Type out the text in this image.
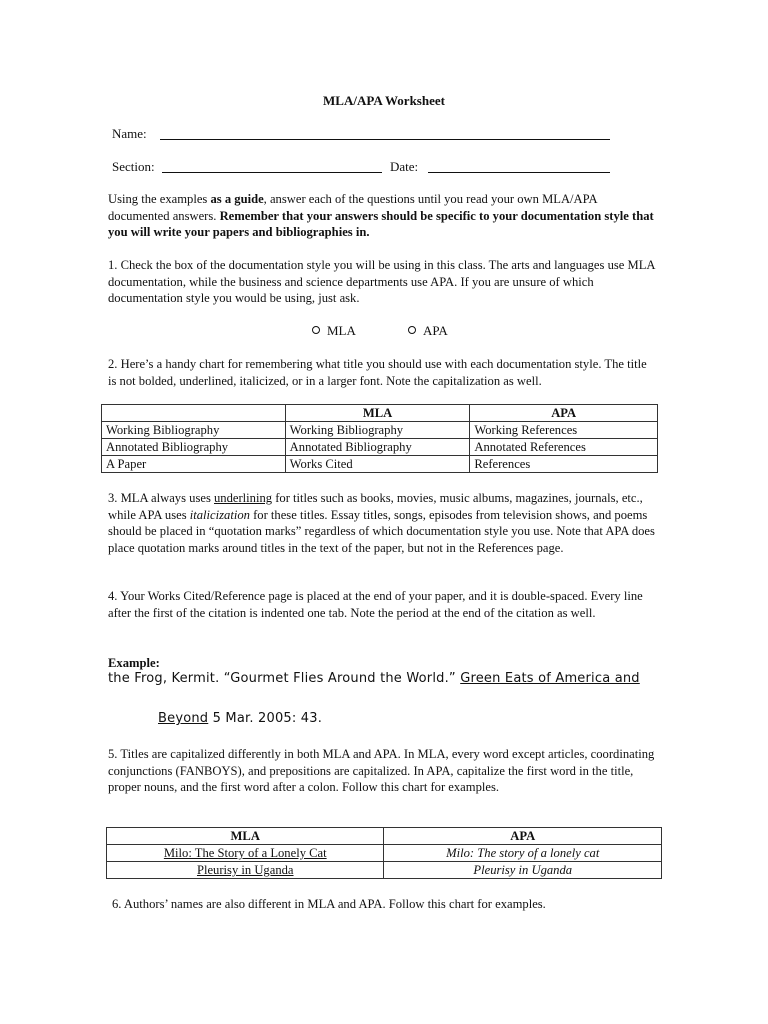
MLA/APA Worksheet
Name:
Section:	Date:
Using the examples as a guide, answer each of the questions until you read your own MLA/APA documented answers. Remember that your answers should be specific to your documentation style that you will write your papers and bibliographies in.
1. Check the box of the documentation style you will be using in this class. The arts and languages use MLA documentation, while the business and science departments use APA. If you are unsure of which documentation style you would be using, just ask.
MLA	APA
2. Here’s a handy chart for remembering what title you should use with each documentation style. The title is not bolded, underlined, italicized, or in a larger font. Note the capitalization as well.
	MLA	APA
Working Bibliography	Working Bibliography	Working References
Annotated Bibliography	Annotated Bibliography	Annotated References
A Paper	Works Cited	References
3. MLA always uses underlining for titles such as books, movies, music albums, magazines, journals, etc., while APA uses italicization for these titles. Essay titles, songs, episodes from television shows, and poems should be placed in “quotation marks” regardless of which documentation style you use. Note that APA does place quotation marks around titles in the text of the paper, but not in the References page.
4. Your Works Cited/Reference page is placed at the end of your paper, and it is double-spaced. Every line after the first of the citation is indented one tab. Note the period at the end of the citation as well.
Example:
the Frog, Kermit. “Gourmet Flies Around the World.” Green Eats of America and
Beyond 5 Mar. 2005: 43.
5. Titles are capitalized differently in both MLA and APA. In MLA, every word except articles, coordinating conjunctions (FANBOYS), and prepositions are capitalized. In APA, capitalize the first word in the title, proper nouns, and the first word after a colon. Follow this chart for examples.
MLA	APA
Milo: The Story of a Lonely Cat	Milo: The story of a lonely cat
Pleurisy in Uganda	Pleurisy in Uganda
6. Authors’ names are also different in MLA and APA. Follow this chart for examples.
